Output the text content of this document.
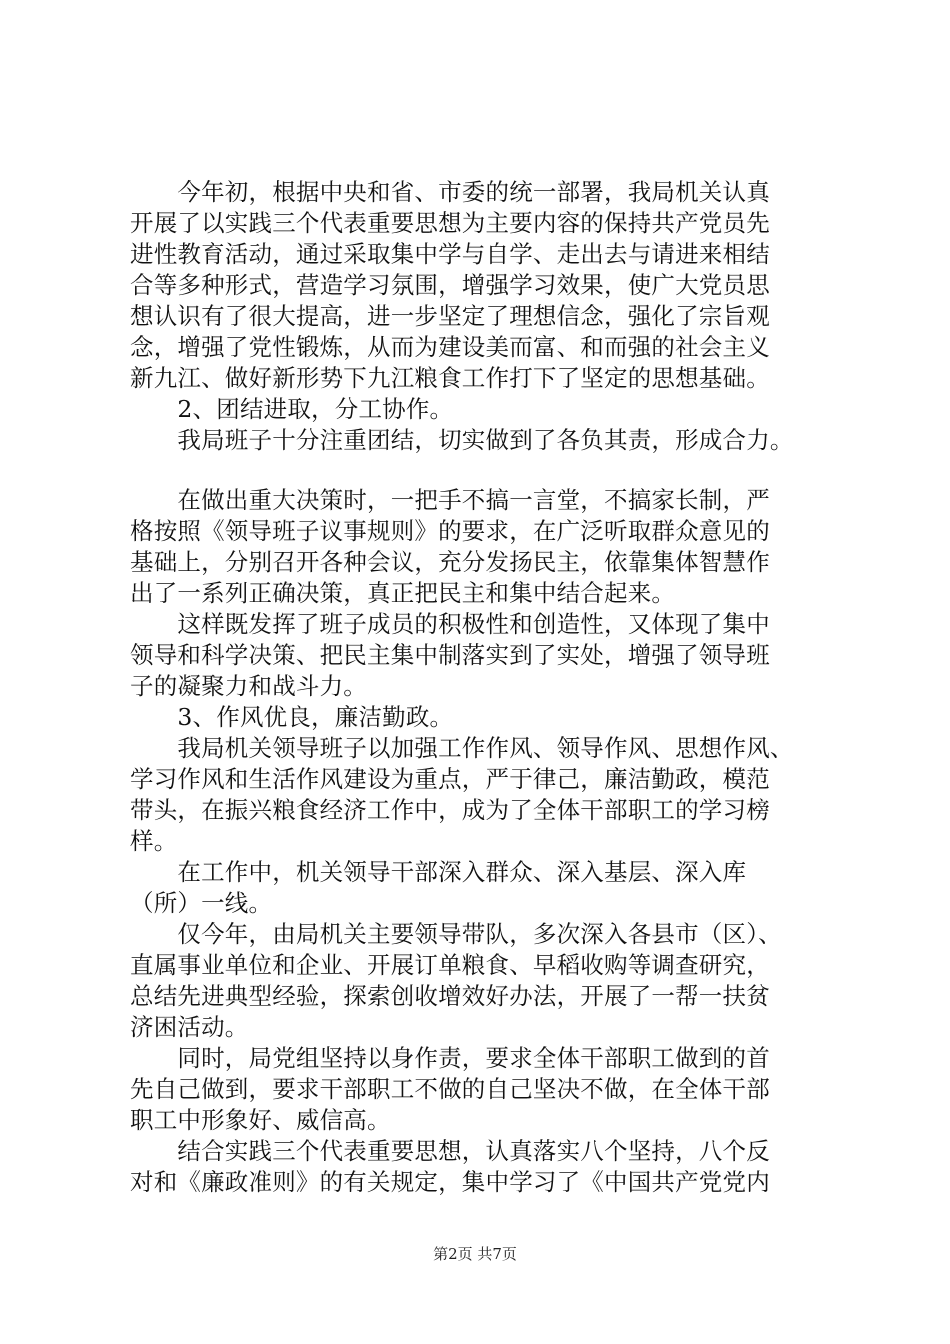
　　今年初，根据中央和省、市委的统一部署，我局机关认真
开展了以实践三个代表重要思想为主要内容的保持共产党员先
进性教育活动，通过采取集中学与自学、走出去与请进来相结
合等多种形式，营造学习氛围，增强学习效果，使广大党员思
想认识有了很大提高，进一步坚定了理想信念，强化了宗旨观
念，增强了党性锻炼，从而为建设美而富、和而强的社会主义
新九江、做好新形势下九江粮食工作打下了坚定的思想基础。
　　2、团结进取，分工协作。
　　我局班子十分注重团结，切实做到了各负其责，形成合力。
　　在做出重大决策时，一把手不搞一言堂，不搞家长制，严
格按照《领导班子议事规则》的要求，在广泛听取群众意见的
基础上，分别召开各种会议，充分发扬民主，依靠集体智慧作
出了一系列正确决策，真正把民主和集中结合起来。
　　这样既发挥了班子成员的积极性和创造性，又体现了集中
领导和科学决策、把民主集中制落实到了实处，增强了领导班
子的凝聚力和战斗力。
　　3、作风优良，廉洁勤政。
　　我局机关领导班子以加强工作作风、领导作风、思想作风、
学习作风和生活作风建设为重点，严于律己，廉洁勤政，模范
带头，在振兴粮食经济工作中，成为了全体干部职工的学习榜
样。
　　在工作中，机关领导干部深入群众、深入基层、深入库
（所）一线。
　　仅今年，由局机关主要领导带队，多次深入各县市（区）、
直属事业单位和企业、开展订单粮食、早稻收购等调查研究，
总结先进典型经验，探索创收增效好办法，开展了一帮一扶贫
济困活动。
　　同时，局党组坚持以身作责，要求全体干部职工做到的首
先自己做到，要求干部职工不做的自己坚决不做，在全体干部
职工中形象好、威信高。
　　结合实践三个代表重要思想，认真落实八个坚持，八个反
对和《廉政准则》的有关规定，集中学习了《中国共产党党内
第2页 共7页
